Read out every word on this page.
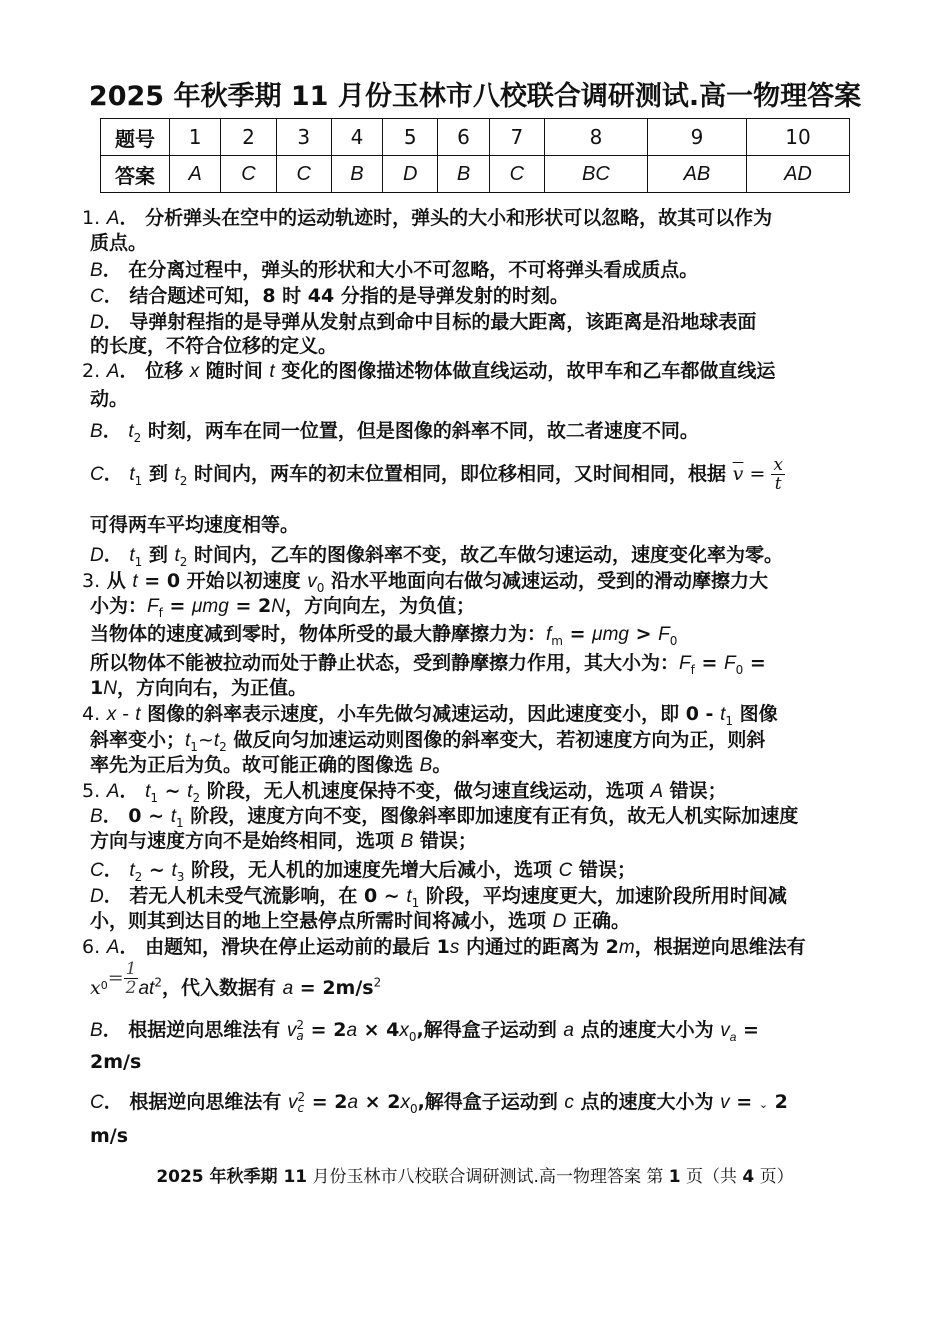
2025 年秋季期 11 月份玉林市八校联合调研测试.高一物理答案
题号	1	2	3	4	5	6	7	8	9	10
答案	A	C	C	B	D	B	C	BC	AB	AD
1. A． 分析弹头在空中的运动轨迹时，弹头的大小和形状可以忽略，故其可以作为
质点。
B． 在分离过程中，弹头的形状和大小不可忽略，不可将弹头看成质点。
C． 结合题述可知，8 时 44 分指的是导弹发射的时刻。
D． 导弹射程指的是导弹从发射点到命中目标的最大距离，该距离是沿地球表面
的长度，不符合位移的定义。
2. A． 位移 x 随时间 t 变化的图像描述物体做直线运动，故甲车和乙车都做直线运
动。
B． $t_2$ 时刻，两车在同一位置，但是图像的斜率不同，故二者速度不同。
C． $t_1$ 到 $t_2$ 时间内，两车的初末位置相同，即位移相同，又时间相同，根据 $\overline{v} = \frac{x}{t}$
可得两车平均速度相等。
D． $t_1$ 到 $t_2$ 时间内，乙车的图像斜率不变，故乙车做匀速运动，速度变化率为零。
3. 从 t = 0 开始以初速度 $v_0$ 沿水平地面向右做匀减速运动，受到的滑动摩擦力大
小为：$F_f = \mu mg = 2N$，方向向左，为负值；
当物体的速度减到零时，物体所受的最大静摩擦力为：$f_m = \mu mg > F_0$
所以物体不能被拉动而处于静止状态，受到静摩擦力作用，其大小为：$F_f = F_0$ =
1N，方向向右，为正值。
4. x - t 图像的斜率表示速度，小车先做匀减速运动，因此速度变小，即 $0 - t_1$ 图像
斜率变小；$t_1\sim t_2$ 做反向匀加速运动则图像的斜率变大，若初速度方向为正，则斜
率先为正后为负。故可能正确的图像选 B。
5. A． $t_1$ ~ $t_2$ 阶段，无人机速度保持不变，做匀速直线运动，选项 A 错误；
B． 0 ~ $t_1$ 阶段，速度方向不变，图像斜率即加速度有正有负，故无人机实际加速度
方向与速度方向不是始终相同，选项 B 错误；
C． $t_2$ ~ $t_3$ 阶段，无人机的加速度先增大后减小，选项 C 错误；
D． 若无人机未受气流影响，在 0 ~ $t_1$ 阶段，平均速度更大，加速阶段所用时间减
小，则其到达目的地上空悬停点所需时间将减小，选项 D 正确。
6. A． 由题知，滑块在停止运动前的最后 1s 内通过的距离为 2m，根据逆向思维法有
$x_0= \frac{1}{2} at^2$，代入数据有 $a = 2m/s^2$
B． 根据逆向思维法有 v 2
$a = 2a \times 4x_0$,解得盒子运动到 a 点的速度大小为 $v_a$ =
2m/s
C． 根据逆向思维法有 v 2
$c = 2a \times 2x_0$,解得盒子运动到 c 点的速度大小为 v = ⌄ 2
m/s
2025 年秋季期 11 月份玉林市八校联合调研测试.高一物理答案 第 1 页（共 4 页）
